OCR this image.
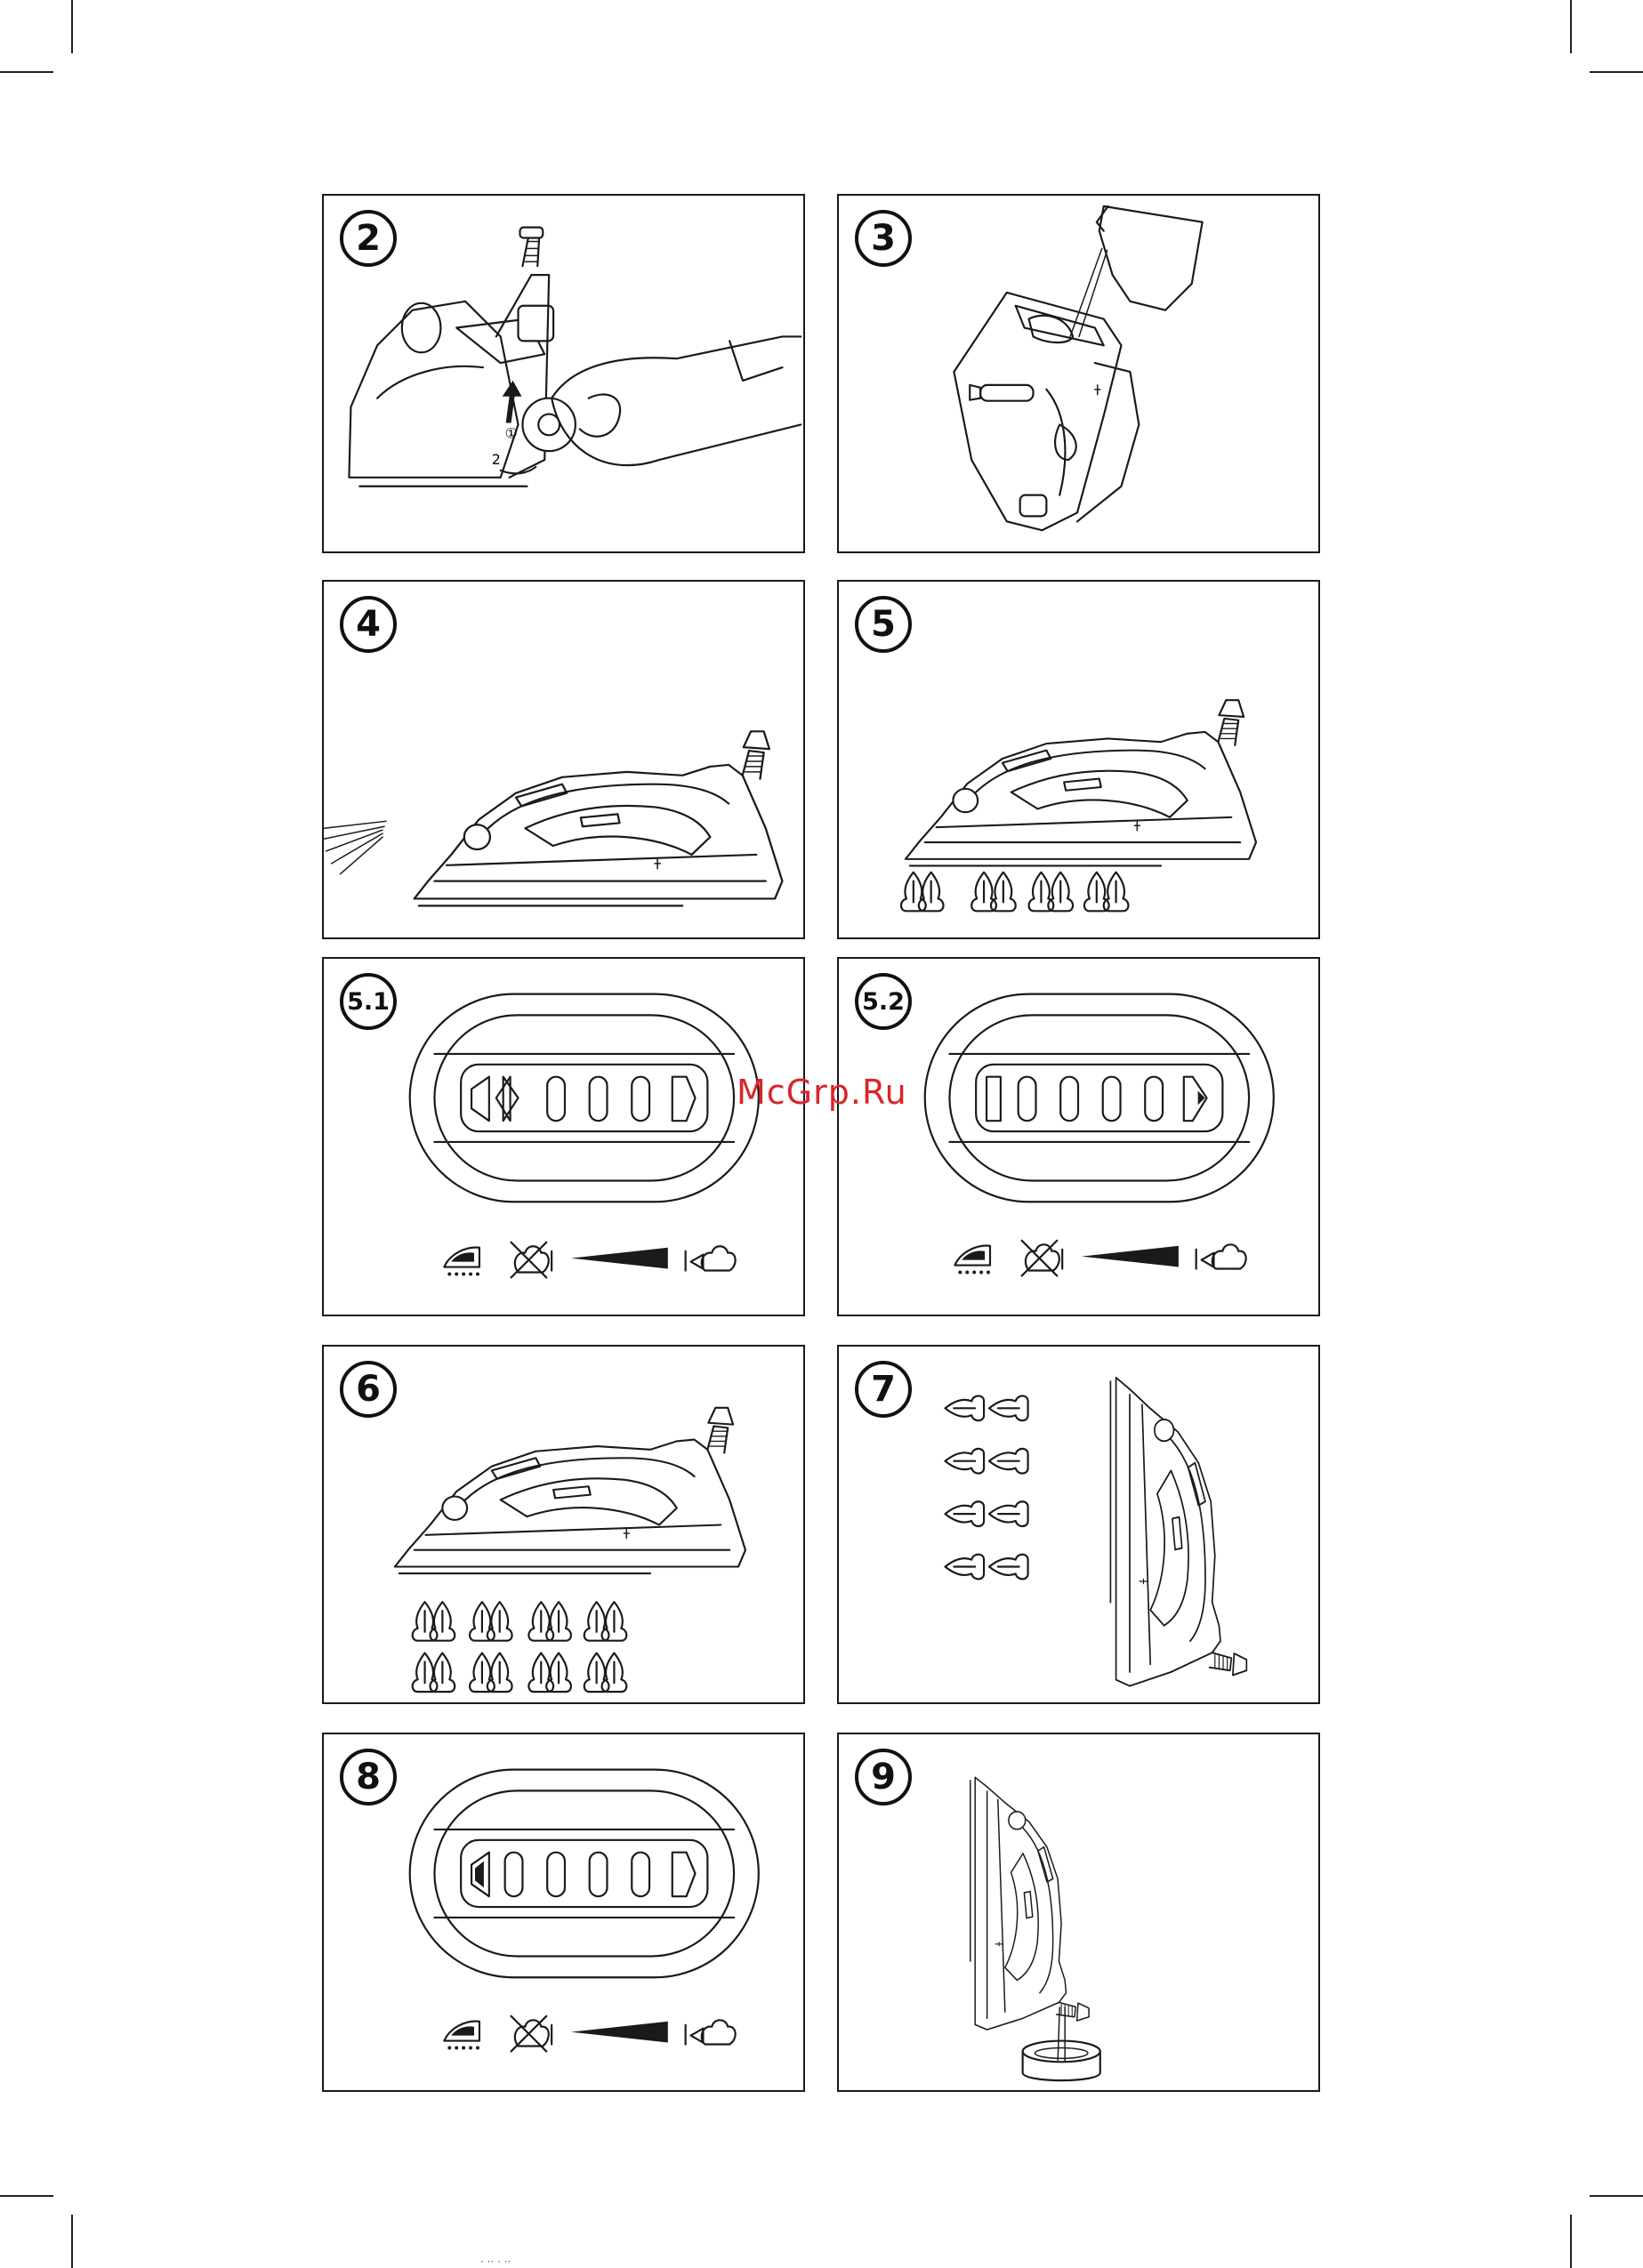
①
2
2	3
4	5
5.1	5.2
McGrp.Ru
6	7
8	9
· ·· · ··
